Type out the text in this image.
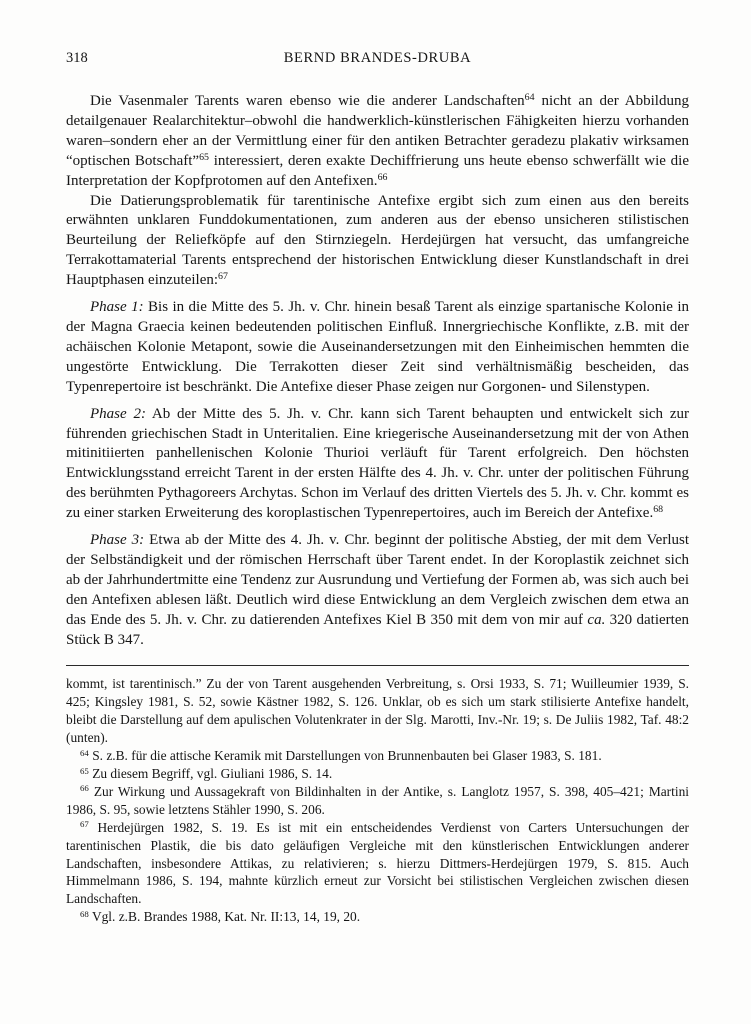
318	BERND BRANDES-DRUBA

Die Vasenmaler Tarents waren ebenso wie die anderer Landschaften$^{64}$ nicht an der Abbildung detailgenauer Realarchitektur–obwohl die handwerklich-künstlerischen Fähigkeiten hierzu vorhanden waren–sondern eher an der Vermittlung einer für den antiken Betrachter geradezu plakativ wirksamen “optischen Botschaft”$^{65}$ interessiert, deren exakte Dechiffrierung uns heute ebenso schwerfällt wie die Interpretation der Kopfprotomen auf den Antefixen.$^{66}$

Die Datierungsproblematik für tarentinische Antefixe ergibt sich zum einen aus den bereits erwähnten unklaren Funddokumentationen, zum anderen aus der ebenso unsicheren stilistischen Beurteilung der Reliefköpfe auf den Stirnziegeln. Herdejürgen hat versucht, das umfangreiche Terrakottamaterial Tarents entsprechend der historischen Entwicklung dieser Kunstlandschaft in drei Hauptphasen einzuteilen:$^{67}$

Phase 1: Bis in die Mitte des 5. Jh. v. Chr. hinein besaß Tarent als einzige spartanische Kolonie in der Magna Graecia keinen bedeutenden politischen Einfluß. Innergriechische Konflikte, z.B. mit der achäischen Kolonie Metapont, sowie die Auseinandersetzungen mit den Einheimischen hemmten die ungestörte Entwicklung. Die Terrakotten dieser Zeit sind verhältnismäßig bescheiden, das Typenrepertoire ist beschränkt. Die Antefixe dieser Phase zeigen nur Gorgonen- und Silenstypen.

Phase 2: Ab der Mitte des 5. Jh. v. Chr. kann sich Tarent behaupten und entwickelt sich zur führenden griechischen Stadt in Unteritalien. Eine kriegerische Auseinandersetzung mit der von Athen mitinitiierten panhellenischen Kolonie Thurioi verläuft für Tarent erfolgreich. Den höchsten Entwicklungsstand erreicht Tarent in der ersten Hälfte des 4. Jh. v. Chr. unter der politischen Führung des berühmten Pythagoreers Archytas. Schon im Verlauf des dritten Viertels des 5. Jh. v. Chr. kommt es zu einer starken Erweiterung des koroplastischen Typenrepertoires, auch im Bereich der Antefixe.$^{68}$

Phase 3: Etwa ab der Mitte des 4. Jh. v. Chr. beginnt der politische Abstieg, der mit dem Verlust der Selbständigkeit und der römischen Herrschaft über Tarent endet. In der Koroplastik zeichnet sich ab der Jahrhundertmitte eine Tendenz zur Ausrundung und Vertiefung der Formen ab, was sich auch bei den Antefixen ablesen läßt. Deutlich wird diese Entwicklung an dem Vergleich zwischen dem etwa an das Ende des 5. Jh. v. Chr. zu datierenden Antefixes Kiel B 350 mit dem von mir auf ca. 320 datierten Stück B 347.

kommt, ist tarentinisch.” Zu der von Tarent ausgehenden Verbreitung, s. Orsi 1933, S. 71; Wuilleumier 1939, S. 425; Kingsley 1981, S. 52, sowie Kästner 1982, S. 126. Unklar, ob es sich um stark stilisierte Antefixe handelt, bleibt die Darstellung auf dem apulischen Volutenkrater in der Slg. Marotti, Inv.-Nr. 19; s. De Juliis 1982, Taf. 48:2 (unten).

$^{64}$ S. z.B. für die attische Keramik mit Darstellungen von Brunnenbauten bei Glaser 1983, S. 181.

$^{65}$ Zu diesem Begriff, vgl. Giuliani 1986, S. 14.

$^{66}$ Zur Wirkung und Aussagekraft von Bildinhalten in der Antike, s. Langlotz 1957, S. 398, 405–421; Martini 1986, S. 95, sowie letztens Stähler 1990, S. 206.

$^{67}$ Herdejürgen 1982, S. 19. Es ist mit ein entscheidendes Verdienst von Carters Untersuchungen der tarentinischen Plastik, die bis dato geläufigen Vergleiche mit den künstlerischen Entwicklungen anderer Landschaften, insbesondere Attikas, zu relativieren; s. hierzu Dittmers-Herdejürgen 1979, S. 815. Auch Himmelmann 1986, S. 194, mahnte kürzlich erneut zur Vorsicht bei stilistischen Vergleichen zwischen diesen Landschaften.

$^{68}$ Vgl. z.B. Brandes 1988, Kat. Nr. II:13, 14, 19, 20.
